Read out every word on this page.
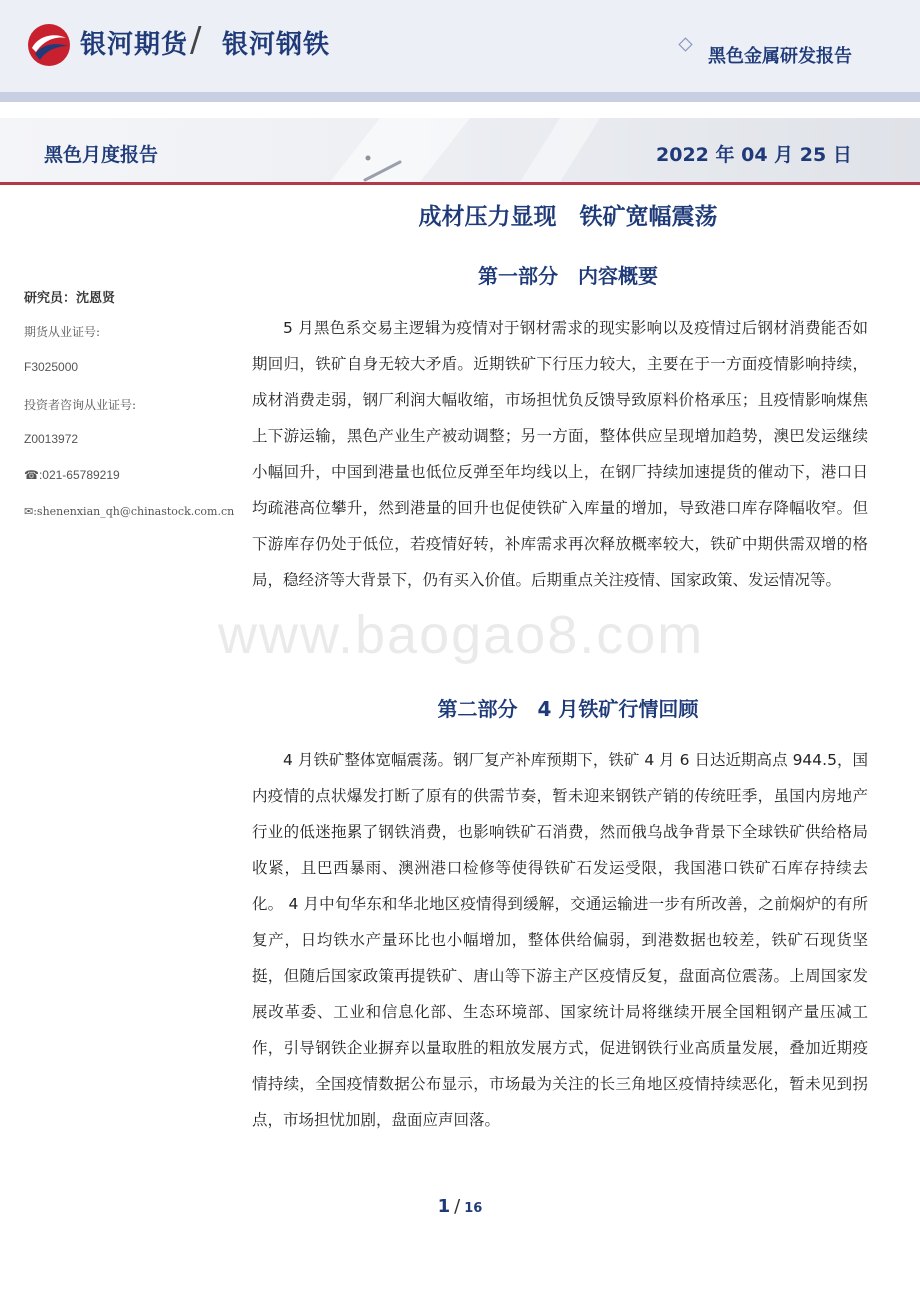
银河期货 / 银河钢铁	黑色金属研发报告
黑色月度报告	2022 年 04 月 25 日
成材压力显现　铁矿宽幅震荡
研究员：沈恩贤
期货从业证号:
F3025000
投资者咨询从业证号:
Z0013972
☎:021-65789219
✉:shenenxian_qh@chinastock.com.cn
第一部分　内容概要
5 月黑色系交易主逻辑为疫情对于钢材需求的现实影响以及疫情过后钢材消费能否如期回归，铁矿自身无较大矛盾。近期铁矿下行压力较大，主要在于一方面疫情影响持续，成材消费走弱，钢厂利润大幅收缩，市场担忧负反馈导致原料价格承压；且疫情影响煤焦上下游运输，黑色产业生产被动调整；另一方面，整体供应呈现增加趋势，澳巴发运继续小幅回升，中国到港量也低位反弹至年均线以上，在钢厂持续加速提货的催动下，港口日均疏港高位攀升，然到港量的回升也促使铁矿入库量的增加，导致港口库存降幅收窄。但下游库存仍处于低位，若疫情好转，补库需求再次释放概率较大，铁矿中期供需双增的格局，稳经济等大背景下，仍有买入价值。后期重点关注疫情、国家政策、发运情况等。
www.baogao8.com
第二部分　4 月铁矿行情回顾
4 月铁矿整体宽幅震荡。钢厂复产补库预期下，铁矿 4 月 6 日达近期高点 944.5，国内疫情的点状爆发打断了原有的供需节奏，暂未迎来钢铁产销的传统旺季，虽国内房地产行业的低迷拖累了钢铁消费，也影响铁矿石消费，然而俄乌战争背景下全球铁矿供给格局收紧，且巴西暴雨、澳洲港口检修等使得铁矿石发运受限，我国港口铁矿石库存持续去化。 4 月中旬华东和华北地区疫情得到缓解，交通运输进一步有所改善，之前焖炉的有所复产，日均铁水产量环比也小幅增加，整体供给偏弱，到港数据也较差，铁矿石现货坚挺，但随后国家政策再提铁矿、唐山等下游主产区疫情反复，盘面高位震荡。上周国家发展改革委、工业和信息化部、生态环境部、国家统计局将继续开展全国粗钢产量压减工作，引导钢铁企业摒弃以量取胜的粗放发展方式，促进钢铁行业高质量发展，叠加近期疫情持续，全国疫情数据公布显示，市场最为关注的长三角地区疫情持续恶化，暂未见到拐点，市场担忧加剧，盘面应声回落。
1 / 16
